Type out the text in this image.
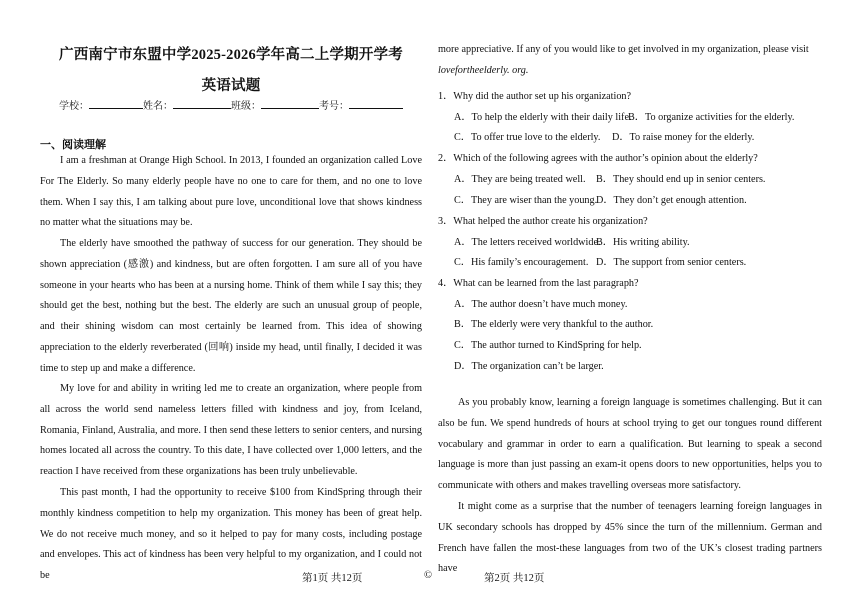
广西南宁市东盟中学2025-2026学年高二上学期开学考
英语试题
学校：	姓名：	班级：	考号：
一、阅读理解
I am a freshman at Orange High School. In 2013, I founded an organization called Love For The Elderly. So many elderly people have no one to care for them, and no one to love them. When I say this, I am talking about pure love, unconditional love that shows kindness no matter what the situations may be.
The elderly have smoothed the pathway of success for our generation. They should be shown appreciation (感激) and kindness, but are often forgotten. I am sure all of you have someone in your hearts who has been at a nursing home. Think of them while I say this; they should get the best, nothing but the best. The elderly are such an unusual group of people, and their shining wisdom can most certainly be learned from. This idea of showing appreciation to the elderly reverberated (回响) inside my head, until finally, I decided it was time to step up and make a difference.
My love for and ability in writing led me to create an organization, where people from all across the world send nameless letters filled with kindness and joy, from Iceland, Romania, Finland, Australia, and more. I then send these letters to senior centers, and nursing homes located all across the country. To this date, I have collected over 1,000 letters, and the reaction I have received from these organizations has been truly unbelievable.
This past month, I had the opportunity to receive $100 from KindSpring through their monthly kindness competition to help my organization. This money has been of great help. We do not receive much money, and so it helped to pay for many costs, including postage and envelopes. This act of kindness has been very helpful to my organization, and I could not be
more appreciative. If any of you would like to get involved in my organization, please visit
lovefortheelderly. org.
1．Why did the author set up his organization?
A．To help the elderly with their daily life.
B．To organize activities for the elderly.
C．To offer true love to the elderly. D．To raise money for the elderly.
2．Which of the following agrees with the author’s opinion about the elderly?
A．They are being treated well. B．They should end up in senior centers.
C．They are wiser than the young.
D．They don’t get enough attention.
3．What helped the author create his organization?
A．The letters received worldwide.
B．His writing ability.
C．His family’s encouragement. D．The support from senior centers.
4．What can be learned from the last paragraph?
A．The author doesn’t have much money.
B．The elderly were very thankful to the author.
C．The author turned to KindSpring for help.
D．The organization can’t be larger.
As you probably know, learning a foreign language is sometimes challenging. But it can also be fun. We spend hundreds of hours at school trying to get our tongues round different vocabulary and grammar in order to earn a qualification. But learning to speak a second language is more than just passing an exam-it opens doors to new opportunities, helps you to communicate with others and makes travelling overseas more satisfactory.
It might come as a surprise that the number of teenagers learning foreign languages in UK secondary schools has dropped by 45% since the turn of the millennium. German and French have fallen the most-these languages from two of the UK’s closest trading partners have
第1页 共12页	©	第2页 共12页
